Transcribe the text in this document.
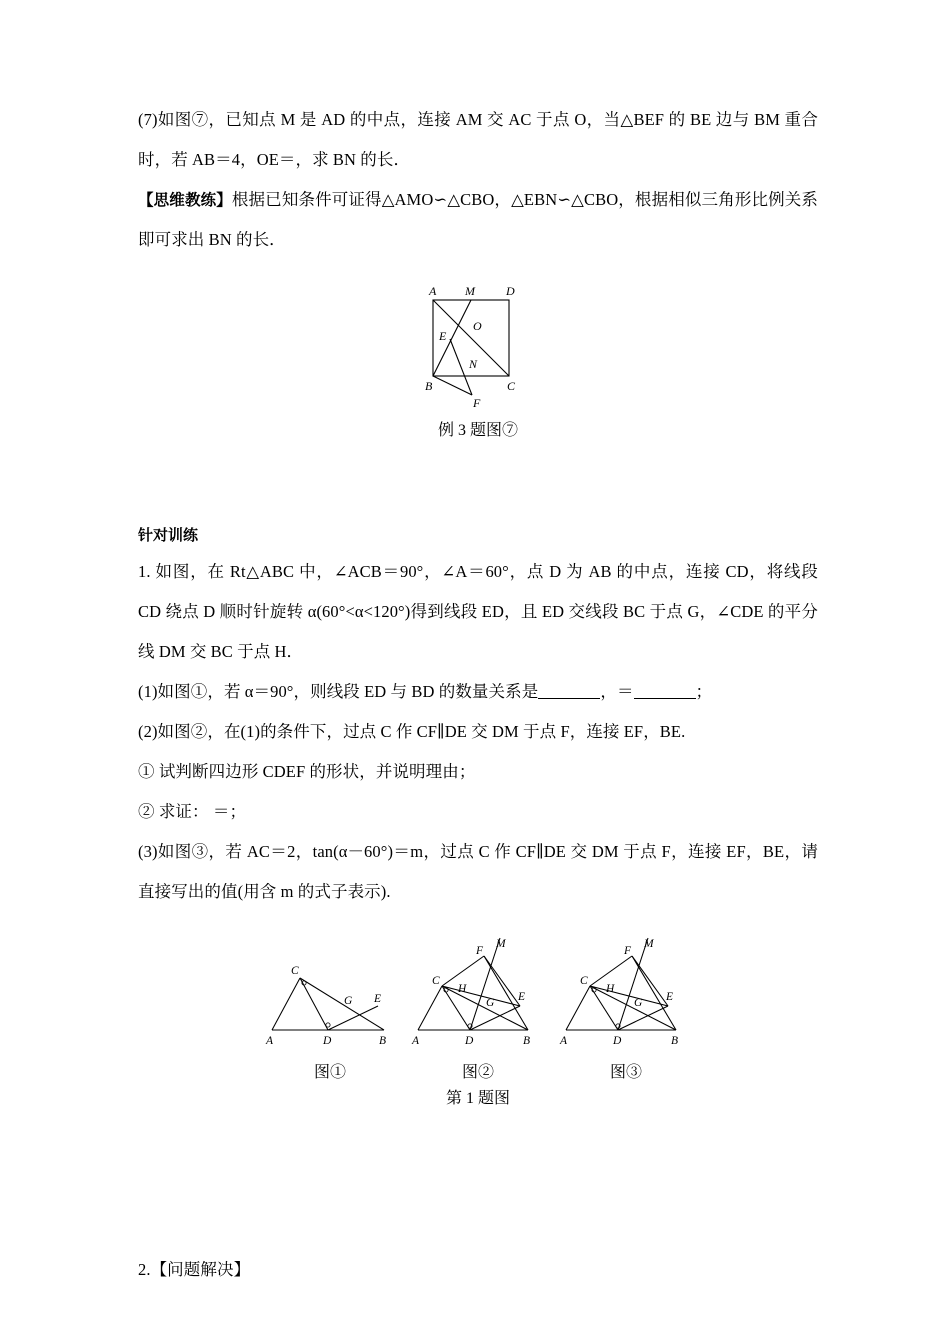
(7)如图⑦，已知点 M 是 AD 的中点，连接 AM 交 AC 于点 O，当△BEF 的 BE 边与 BM 重合时，若 AB＝4，OE＝，求 BN 的长．

【思维教练】根据已知条件可证得△AMO∽△CBO，△EBN∽△CBO，根据相似三角形比例关系即可求出 BN 的长．

A M	D
O
E
N
B	C
F

例 3 题图⑦

针对训练

1. 如图，在 Rt△ABC 中，∠ACB＝90°，∠A＝60°，点 D 为 AB 的中点，连接 CD，将线段 CD 绕点 D 顺时针旋转 α(60°<α<120°)得到线段 ED，且 ED 交线段 BC 于点 G，∠CDE 的平分线 DM 交 BC 于点 H．

(1)如图①，若 α＝90°，则线段 ED 与 BD 的数量关系是	，＝	；

(2)如图②，在(1)的条件下，过点 C 作 CF∥DE 交 DM 于点 F，连接 EF，BE.

① 试判断四边形 CDEF 的形状，并说明理由；

② 求证： ＝；

(3)如图③，若 AC＝2，tan(α－60°)＝m，过点 C 作 CF∥DE 交 DM 于点 F，连接 EF，BE，请直接写出的值(用含 m 的式子表示).

C
G E
A	D	B

图①

M
F
C
H
G E
A	D	B

图②

M
F
C
H
G E
A	D	B

图③

第 1 题图

2.【问题解决】
